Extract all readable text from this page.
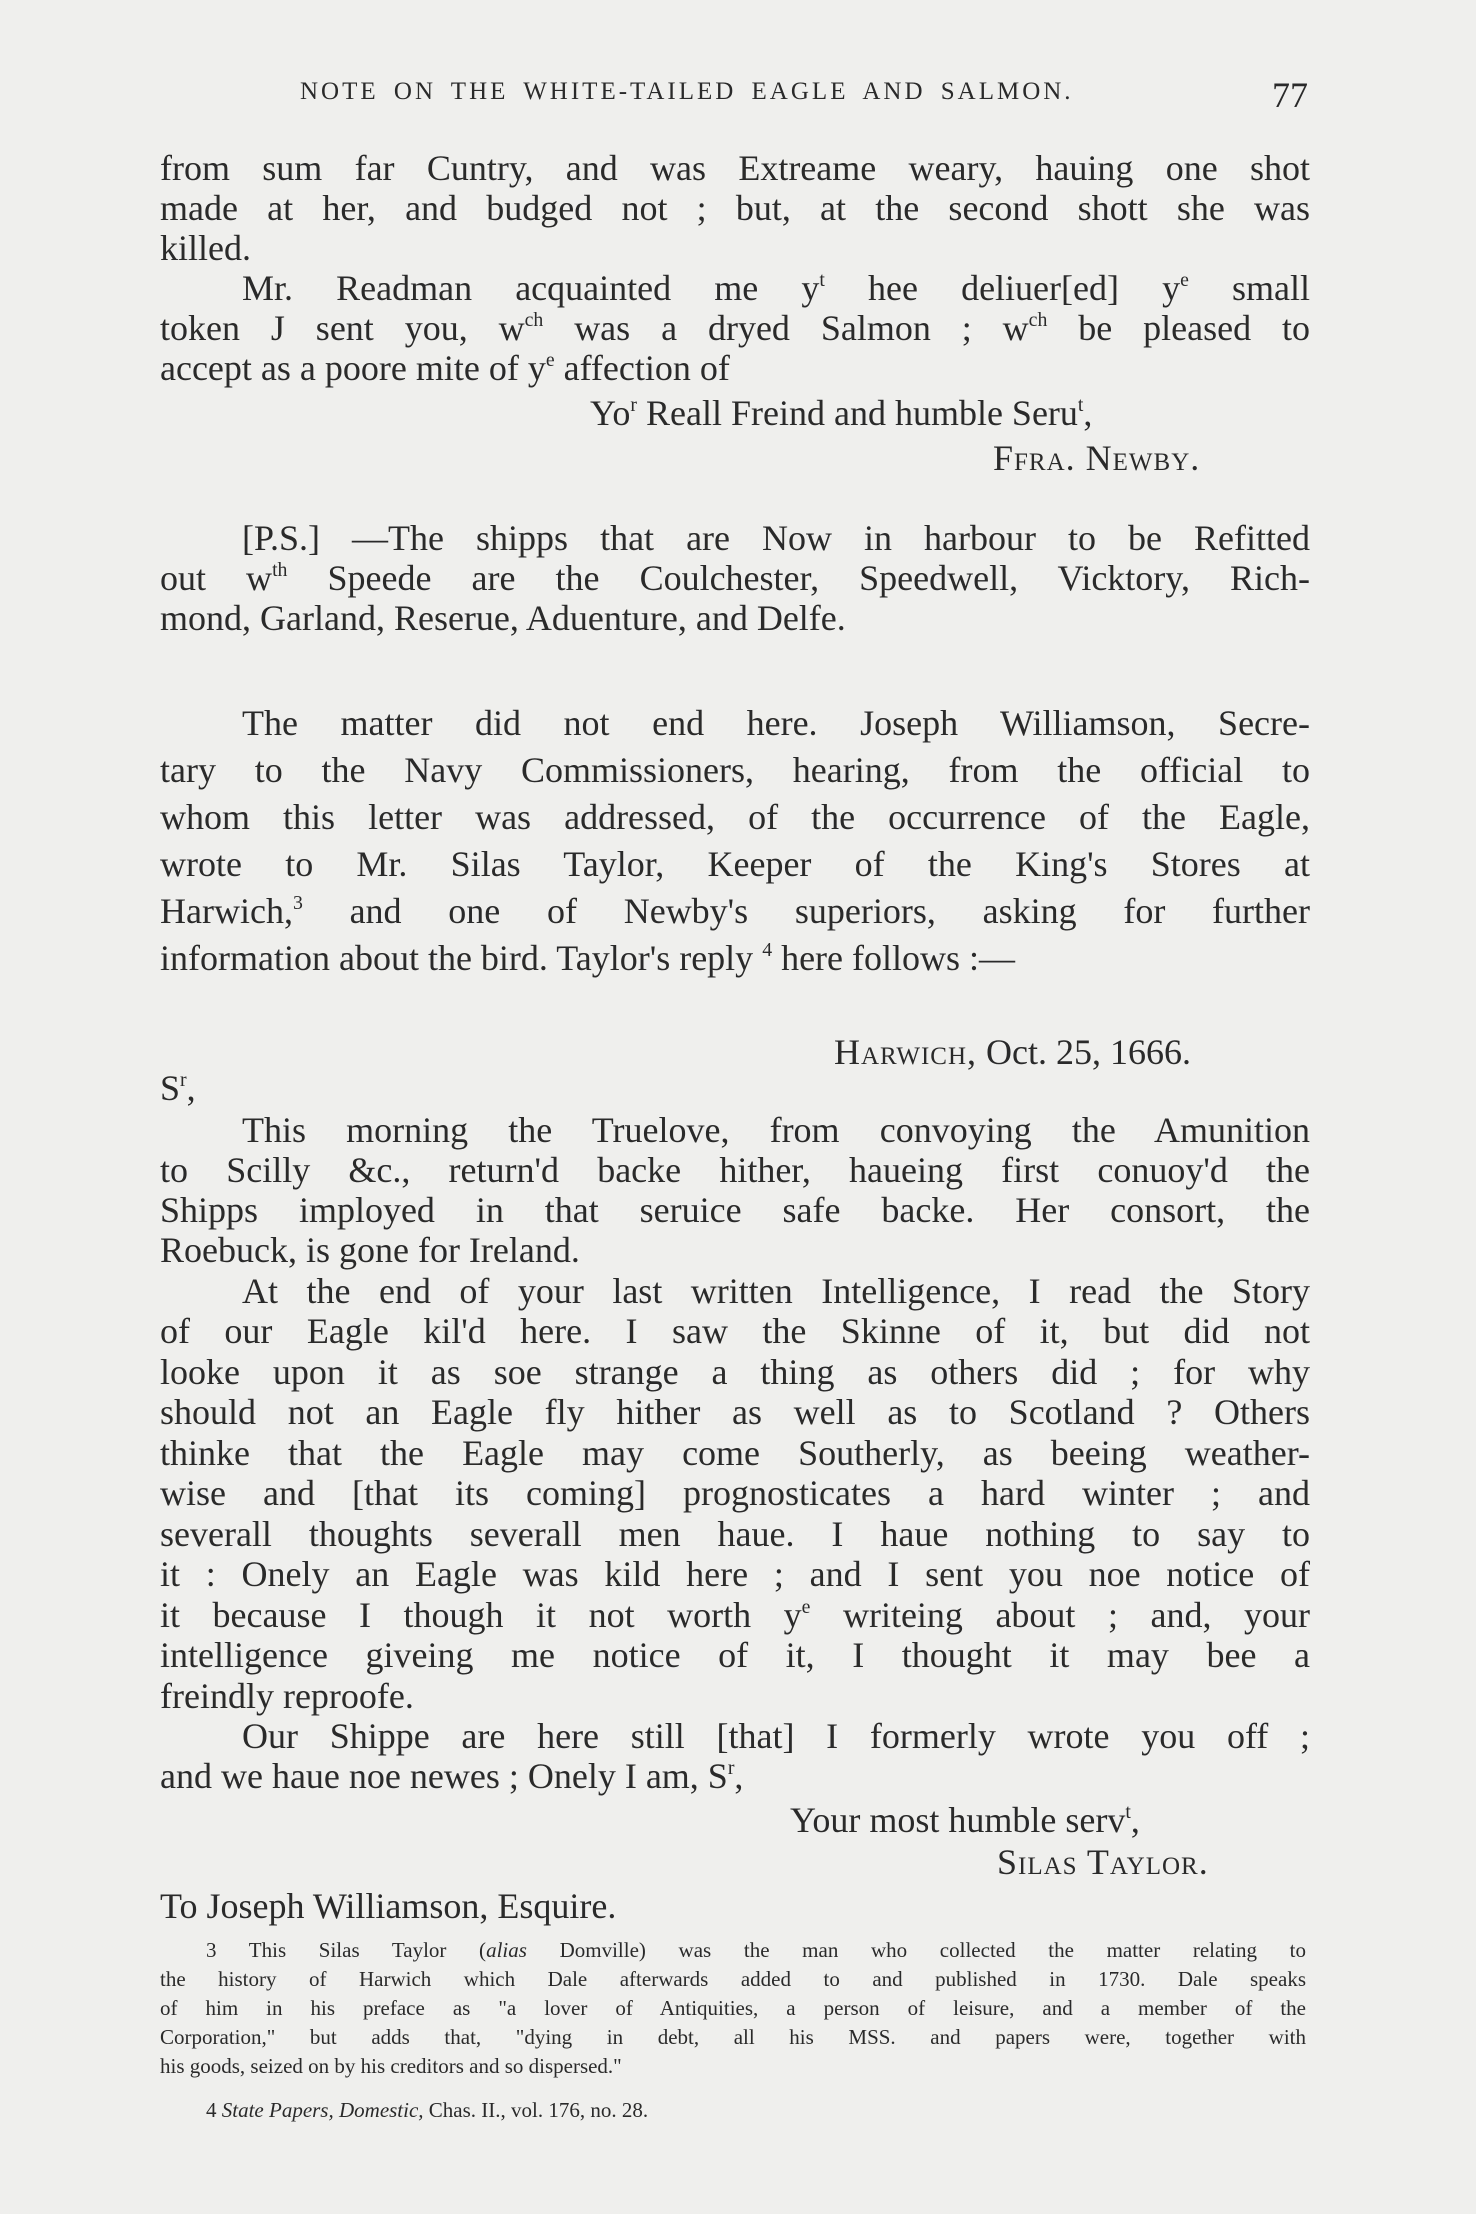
NOTE ON THE WHITE-TAILED EAGLE AND SALMON.	77
from sum far Cuntry, and was Extreame weary, hauing one shot
made at her, and budged not ; but, at the second shott she was
killed.
Mr. Readman acquainted me $y^t$ hee deliuer[ed] $y^e$ small
token J sent you, $w^{ch}$ was a dryed Salmon ; $w^{ch}$ be pleased to
accept as a poore mite of $y^e$ affection of
Yo$^r$ Reall Freind and humble Seru$^t$,
Ffra. Newby.
[P.S.] —The shipps that are Now in harbour to be Refitted
out $w^{th}$ Speede are the Coulchester, Speedwell, Vicktory, Rich-
mond, Garland, Reserue, Aduenture, and Delfe.
The matter did not end here. Joseph Williamson, Secre-
tary to the Navy Commissioners, hearing, from the official to
whom this letter was addressed, of the occurrence of the Eagle,
wrote to Mr. Silas Taylor, Keeper of the King's Stores at
Harwich,$^3$ and one of Newby's superiors, asking for further
information about the bird. Taylor's reply $^4$ here follows :—
Harwich, Oct. 25, 1666.
$S^r$,
This morning the Truelove, from convoying the Amunition
to Scilly &c., return'd backe hither, haueing first conuoy'd the
Shipps imployed in that seruice safe backe. Her consort, the
Roebuck, is gone for Ireland.
At the end of your last written Intelligence, I read the Story
of our Eagle kil'd here. I saw the Skinne of it, but did not
looke upon it as soe strange a thing as others did ; for why
should not an Eagle fly hither as well as to Scotland ? Others
thinke that the Eagle may come Southerly, as beeing weather-
wise and [that its coming] prognosticates a hard winter ; and
severall thoughts severall men haue. I haue nothing to say to
it : Onely an Eagle was kild here ; and I sent you noe notice of
it because I though it not worth $y^e$ writeing about ; and, your
intelligence giveing me notice of it, I thought it may bee a
freindly reproofe.
Our Shippe are here still [that] I formerly wrote you off ;
and we haue noe newes ; Onely I am, $S^r$,
Your most humble serv$^t$,
Silas Taylor.
To Joseph Williamson, Esquire.
3 This Silas Taylor (alias Domville) was the man who collected the matter relating to
the history of Harwich which Dale afterwards added to and published in 1730. Dale speaks
of him in his preface as "a lover of Antiquities, a person of leisure, and a member of the
Corporation," but adds that, "dying in debt, all his MSS. and papers were, together with
his goods, seized on by his creditors and so dispersed."
4 State Papers, Domestic, Chas. II., vol. 176, no. 28.
